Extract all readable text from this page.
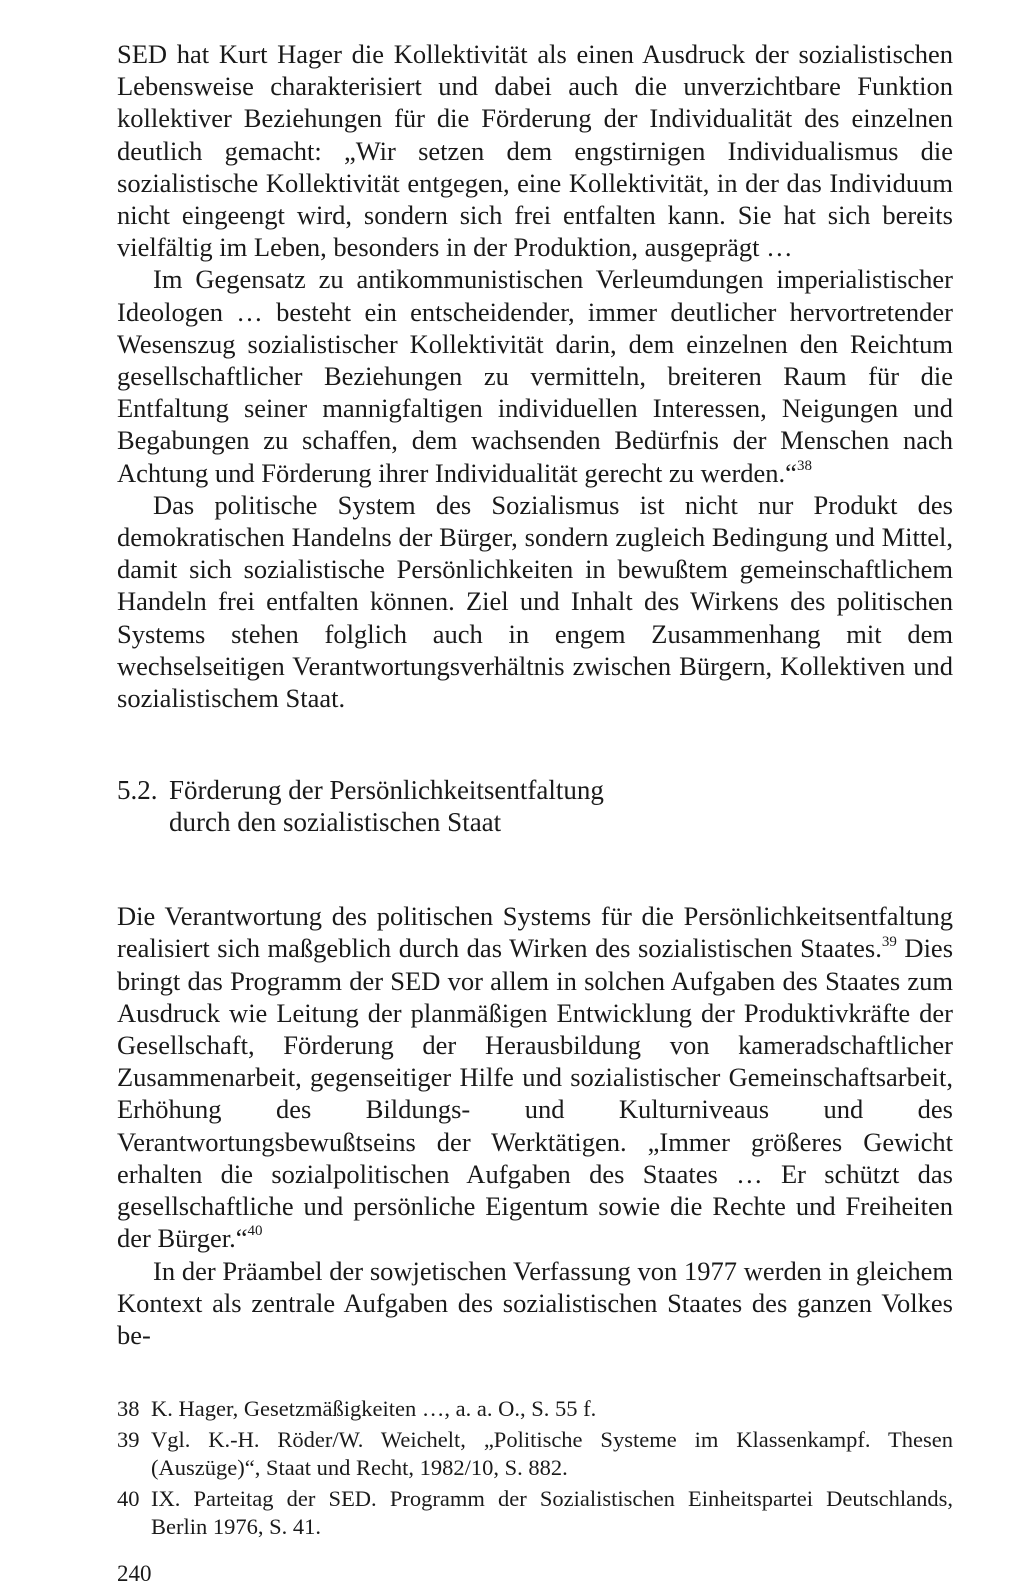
SED hat Kurt Hager die Kollektivität als einen Ausdruck der sozialistischen Lebensweise charakterisiert und dabei auch die unverzichtbare Funktion kollektiver Beziehungen für die Förderung der Individualität des einzelnen deutlich gemacht: „Wir setzen dem engstirnigen Individualismus die sozialistische Kollektivität entgegen, eine Kollektivität, in der das Individuum nicht eingeengt wird, sondern sich frei entfalten kann. Sie hat sich bereits vielfältig im Leben, besonders in der Produktion, ausgeprägt …

Im Gegensatz zu antikommunistischen Verleumdungen imperialistischer Ideologen … besteht ein entscheidender, immer deutlicher hervortretender Wesenszug sozialistischer Kollektivität darin, dem einzelnen den Reichtum gesellschaftlicher Beziehungen zu vermitteln, breiteren Raum für die Entfaltung seiner mannigfaltigen individuellen Interessen, Neigungen und Begabungen zu schaffen, dem wachsenden Bedürfnis der Menschen nach Achtung und Förderung ihrer Individualität gerecht zu werden.“$^{38}$

Das politische System des Sozialismus ist nicht nur Produkt des demokratischen Handelns der Bürger, sondern zugleich Bedingung und Mittel, damit sich sozialistische Persönlichkeiten in bewußtem gemeinschaftlichem Handeln frei entfalten können. Ziel und Inhalt des Wirkens des politischen Systems stehen folglich auch in engem Zusammenhang mit dem wechselseitigen Verantwortungsverhältnis zwischen Bürgern, Kollektiven und sozialistischem Staat.

5.2. Förderung der Persönlichkeitsentfaltung
durch den sozialistischen Staat

Die Verantwortung des politischen Systems für die Persönlichkeitsentfaltung realisiert sich maßgeblich durch das Wirken des sozialistischen Staates.$^{39}$ Dies bringt das Programm der SED vor allem in solchen Aufgaben des Staates zum Ausdruck wie Leitung der planmäßigen Entwicklung der Produktivkräfte der Gesellschaft, Förderung der Herausbildung von kameradschaftlicher Zusammenarbeit, gegenseitiger Hilfe und sozialistischer Gemeinschaftsarbeit, Erhöhung des Bildungs- und Kulturniveaus und des Verantwortungsbewußtseins der Werktätigen. „Immer größeres Gewicht erhalten die sozialpolitischen Aufgaben des Staates … Er schützt das gesellschaftliche und persönliche Eigentum sowie die Rechte und Freiheiten der Bürger.“$^{40}$

In der Präambel der sowjetischen Verfassung von 1977 werden in gleichem Kontext als zentrale Aufgaben des sozialistischen Staates des ganzen Volkes be-

38 K. Hager, Gesetzmäßigkeiten …, a. a. O., S. 55 f.
39 Vgl. K.-H. Röder/W. Weichelt, „Politische Systeme im Klassenkampf. Thesen (Auszüge)“, Staat und Recht, 1982/10, S. 882.
40 IX. Parteitag der SED. Programm der Sozialistischen Einheitspartei Deutschlands, Berlin 1976, S. 41.
240
